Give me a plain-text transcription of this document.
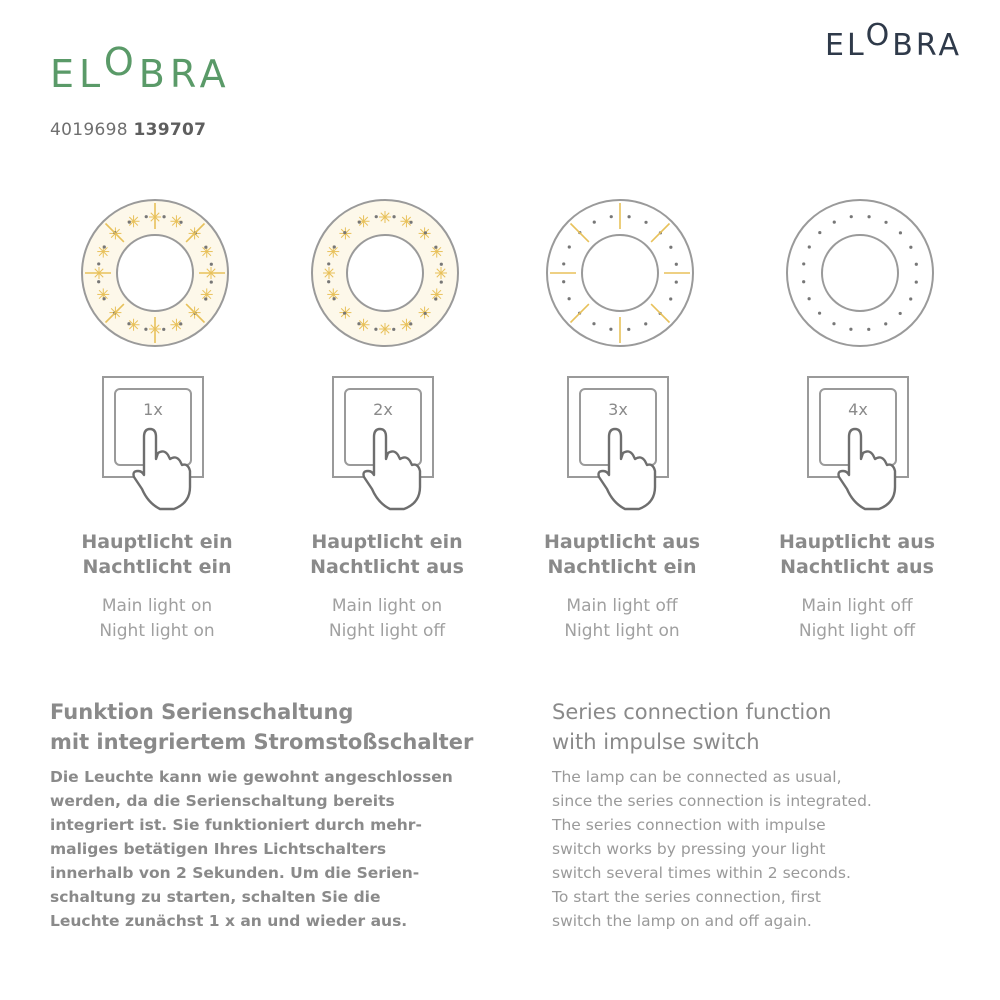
ELOBRA
ELOBRA
4019698 139707
1x	2x	3x	4x
Hauptlicht ein
Nachtlicht ein
Main light on
Night light on
Hauptlicht ein
Nachtlicht aus
Main light on
Night light off
Hauptlicht aus
Nachtlicht ein
Main light off
Night light on
Hauptlicht aus
Nachtlicht aus
Main light off
Night light off
Funktion Serienschaltung
mit integriertem Stromstoßschalter
Series connection function
with impulse switch
Die Leuchte kann wie gewohnt angeschlossen
werden, da die Serienschaltung bereits
integriert ist. Sie funktioniert durch mehr-
maliges betätigen Ihres Lichtschalters
innerhalb von 2 Sekunden. Um die Serien-
schaltung zu starten, schalten Sie die
Leuchte zunächst 1 x an und wieder aus.
The lamp can be connected as usual,
since the series connection is integrated.
The series connection with impulse
switch works by pressing your light
switch several times within 2 seconds.
To start the series connection, first
switch the lamp on and off again.
